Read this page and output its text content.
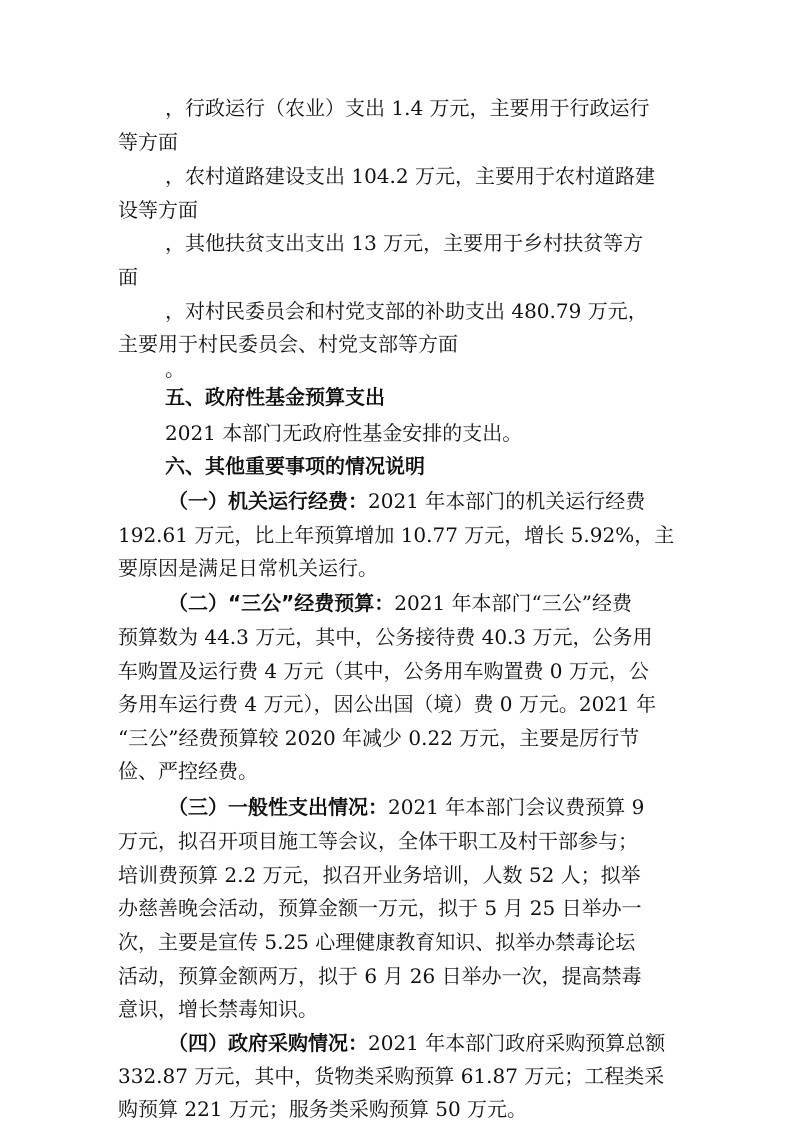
，行政运行（农业）支出 1.4 万元，主要用于行政运行
等方面
，农村道路建设支出 104.2 万元，主要用于农村道路建
设等方面
，其他扶贫支出支出 13 万元，主要用于乡村扶贫等方
面
，对村民委员会和村党支部的补助支出 480.79 万元，
主要用于村民委员会、村党支部等方面
。
五、政府性基金预算支出
2021 本部门无政府性基金安排的支出。
六、其他重要事项的情况说明
（一）机关运行经费：2021 年本部门的机关运行经费
192.61 万元，比上年预算增加 10.77 万元，增长 5.92%，主
要原因是满足日常机关运行。
（二）“三公”经费预算：2021 年本部门“三公”经费
预算数为 44.3 万元，其中，公务接待费 40.3 万元，公务用
车购置及运行费 4 万元（其中，公务用车购置费 0 万元，公
务用车运行费 4 万元），因公出国（境）费 0 万元。2021 年
“三公”经费预算较 2020 年减少 0.22 万元，主要是厉行节
俭、严控经费。
（三）一般性支出情况：2021 年本部门会议费预算 9
万元，拟召开项目施工等会议，全体干职工及村干部参与；
培训费预算 2.2 万元，拟召开业务培训，人数 52 人；拟举
办慈善晚会活动，预算金额一万元，拟于 5 月 25 日举办一
次，主要是宣传 5.25 心理健康教育知识、拟举办禁毒论坛
活动，预算金额两万，拟于 6 月 26 日举办一次，提高禁毒
意识，增长禁毒知识。
（四）政府采购情况：2021 年本部门政府采购预算总额
332.87 万元，其中，货物类采购预算 61.87 万元；工程类采
购预算 221 万元；服务类采购预算 50 万元。
